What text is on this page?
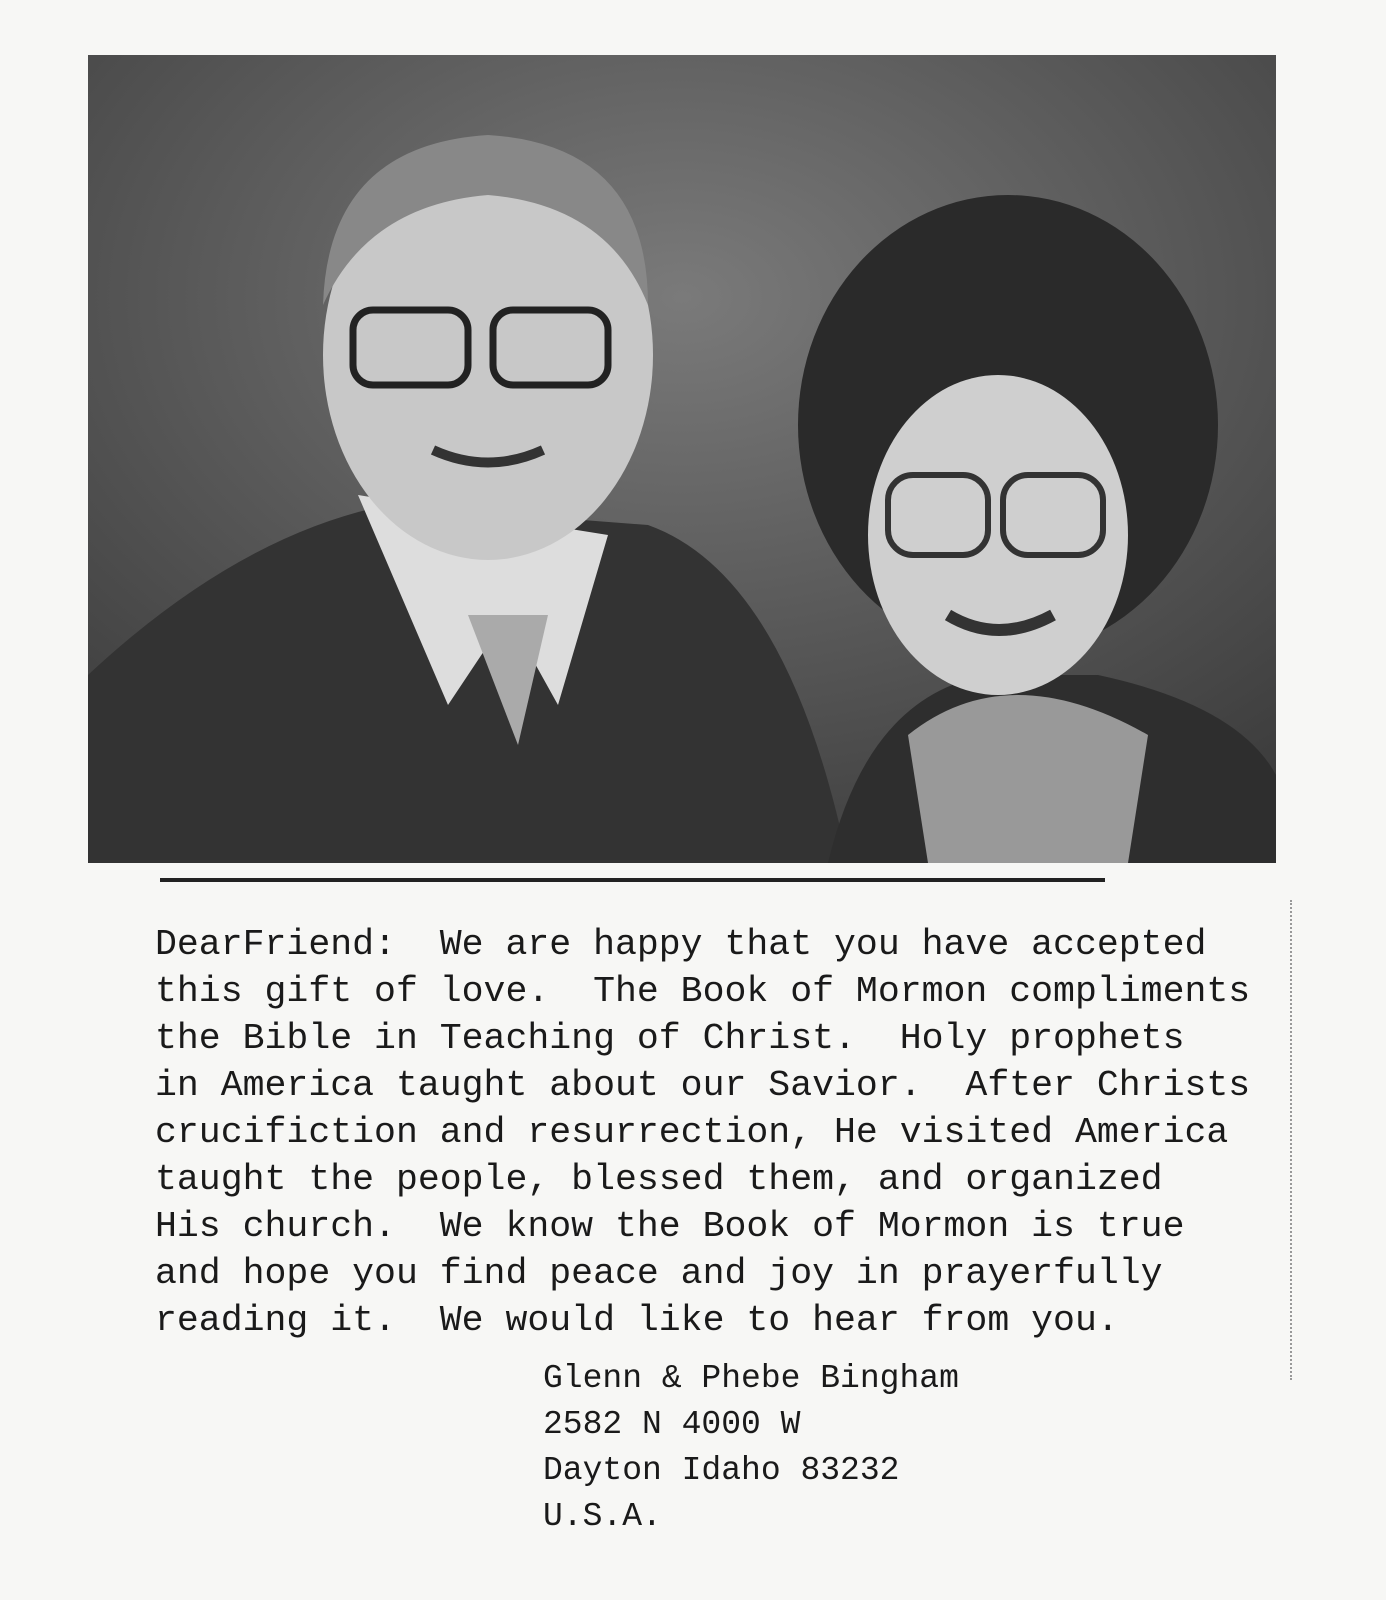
DearFriend:  We are happy that you have accepted
this gift of love.  The Book of Mormon compliments
the Bible in Teaching of Christ.  Holy prophets
in America taught about our Savior.  After Christs
crucifiction and resurrection, He visited America
taught the people, blessed them, and organized
His church.  We know the Book of Mormon is true
and hope you find peace and joy in prayerfully
reading it.  We would like to hear from you.
Glenn & Phebe Bingham
2582 N 4000 W
Dayton Idaho 83232
U.S.A.
